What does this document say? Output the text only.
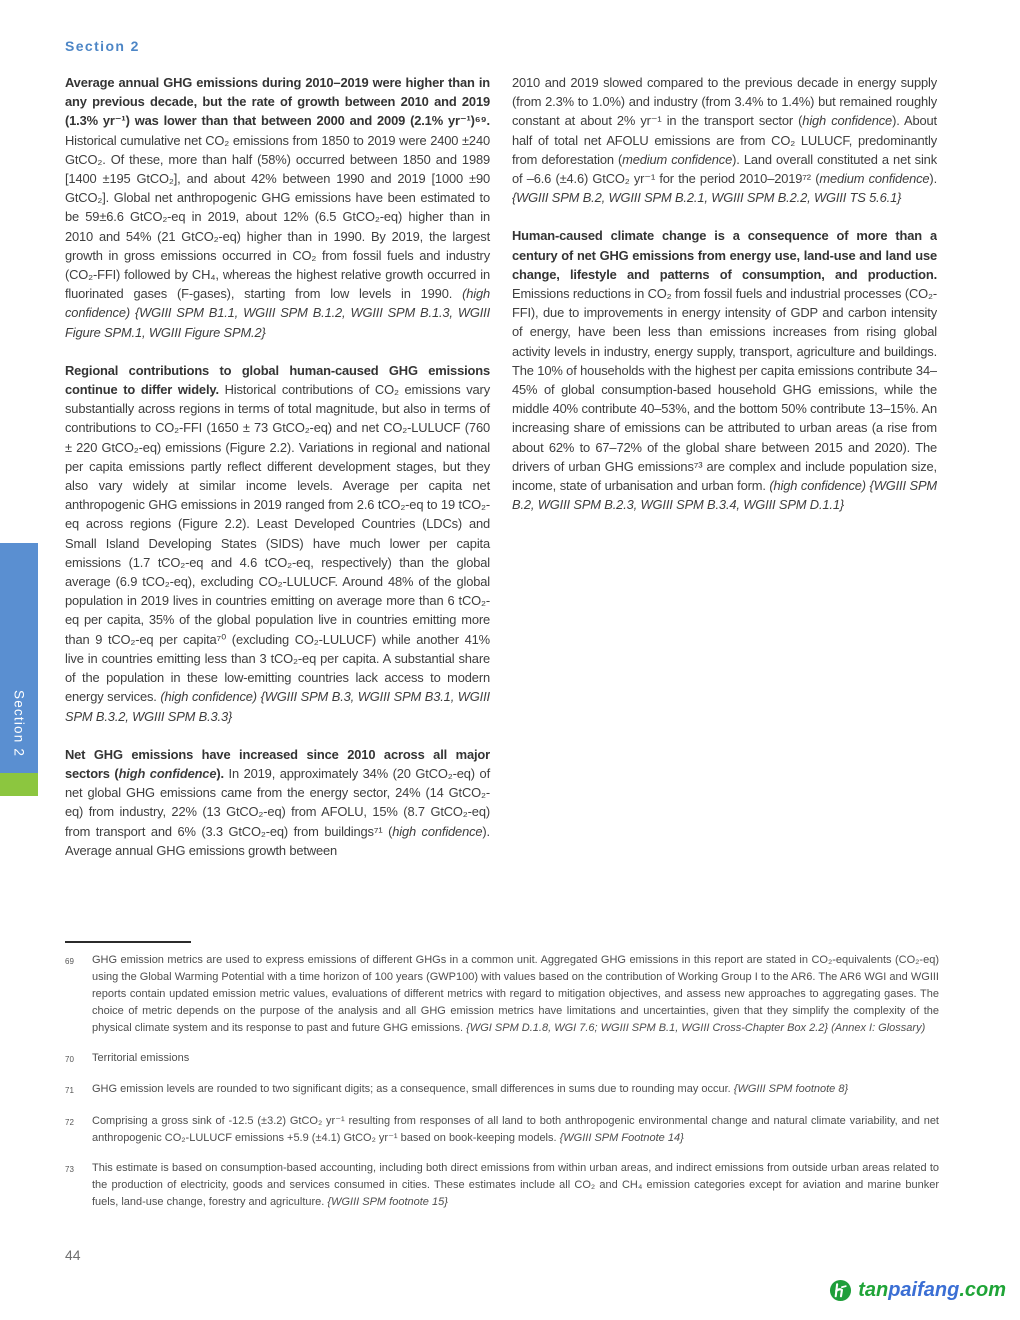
Section 2

Average annual GHG emissions during 2010–2019 were higher than in any previous decade, but the rate of growth between 2010 and 2019 (1.3% yr⁻¹) was lower than that between 2000 and 2009 (2.1% yr⁻¹)⁶⁹. Historical cumulative net CO₂ emissions from 1850 to 2019 were 2400 ±240 GtCO₂. Of these, more than half (58%) occurred between 1850 and 1989 [1400 ±195 GtCO₂], and about 42% between 1990 and 2019 [1000 ±90 GtCO₂]. Global net anthropogenic GHG emissions have been estimated to be 59±6.6 GtCO₂-eq in 2019, about 12% (6.5 GtCO₂-eq) higher than in 2010 and 54% (21 GtCO₂-eq) higher than in 1990. By 2019, the largest growth in gross emissions occurred in CO₂ from fossil fuels and industry (CO₂-FFI) followed by CH₄, whereas the highest relative growth occurred in fluorinated gases (F-gases), starting from low levels in 1990. (high confidence) {WGIII SPM B1.1, WGIII SPM B.1.2, WGIII SPM B.1.3, WGIII Figure SPM.1, WGIII Figure SPM.2}

Regional contributions to global human-caused GHG emissions continue to differ widely. Historical contributions of CO₂ emissions vary substantially across regions in terms of total magnitude, but also in terms of contributions to CO₂-FFI (1650 ± 73 GtCO₂-eq) and net CO₂-LULUCF (760 ± 220 GtCO₂-eq) emissions (Figure 2.2). Variations in regional and national per capita emissions partly reflect different development stages, but they also vary widely at similar income levels. Average per capita net anthropogenic GHG emissions in 2019 ranged from 2.6 tCO₂-eq to 19 tCO₂-eq across regions (Figure 2.2). Least Developed Countries (LDCs) and Small Island Developing States (SIDS) have much lower per capita emissions (1.7 tCO₂-eq and 4.6 tCO₂-eq, respectively) than the global average (6.9 tCO₂-eq), excluding CO₂-LULUCF. Around 48% of the global population in 2019 lives in countries emitting on average more than 6 tCO₂-eq per capita, 35% of the global population live in countries emitting more than 9 tCO₂-eq per capita⁷⁰ (excluding CO₂-LULUCF) while another 41% live in countries emitting less than 3 tCO₂-eq per capita. A substantial share of the population in these low-emitting countries lack access to modern energy services. (high confidence) {WGIII SPM B.3, WGIII SPM B3.1, WGIII SPM B.3.2, WGIII SPM B.3.3}

Net GHG emissions have increased since 2010 across all major sectors (high confidence). In 2019, approximately 34% (20 GtCO₂-eq) of net global GHG emissions came from the energy sector, 24% (14 GtCO₂-eq) from industry, 22% (13 GtCO₂-eq) from AFOLU, 15% (8.7 GtCO₂-eq) from transport and 6% (3.3 GtCO₂-eq) from buildings⁷¹ (high confidence). Average annual GHG emissions growth between

2010 and 2019 slowed compared to the previous decade in energy supply (from 2.3% to 1.0%) and industry (from 3.4% to 1.4%) but remained roughly constant at about 2% yr⁻¹ in the transport sector (high confidence). About half of total net AFOLU emissions are from CO₂ LULUCF, predominantly from deforestation (medium confidence). Land overall constituted a net sink of –6.6 (±4.6) GtCO₂ yr⁻¹ for the period 2010–2019⁷² (medium confidence). {WGIII SPM B.2, WGIII SPM B.2.1, WGIII SPM B.2.2, WGIII TS 5.6.1}

Human-caused climate change is a consequence of more than a century of net GHG emissions from energy use, land-use and land use change, lifestyle and patterns of consumption, and production. Emissions reductions in CO₂ from fossil fuels and industrial processes (CO₂-FFI), due to improvements in energy intensity of GDP and carbon intensity of energy, have been less than emissions increases from rising global activity levels in industry, energy supply, transport, agriculture and buildings. The 10% of households with the highest per capita emissions contribute 34–45% of global consumption-based household GHG emissions, while the middle 40% contribute 40–53%, and the bottom 50% contribute 13–15%. An increasing share of emissions can be attributed to urban areas (a rise from about 62% to 67–72% of the global share between 2015 and 2020). The drivers of urban GHG emissions⁷³ are complex and include population size, income, state of urbanisation and urban form. (high confidence) {WGIII SPM B.2, WGIII SPM B.2.3, WGIII SPM B.3.4, WGIII SPM D.1.1}

69	GHG emission metrics are used to express emissions of different GHGs in a common unit. Aggregated GHG emissions in this report are stated in CO₂-equivalents (CO₂-eq) using the Global Warming Potential with a time horizon of 100 years (GWP100) with values based on the contribution of Working Group I to the AR6. The AR6 WGI and WGIII reports contain updated emission metric values, evaluations of different metrics with regard to mitigation objectives, and assess new approaches to aggregating gases. The choice of metric depends on the purpose of the analysis and all GHG emission metrics have limitations and uncertainties, given that they simplify the complexity of the physical climate system and its response to past and future GHG emissions. {WGI SPM D.1.8, WGI 7.6; WGIII SPM B.1, WGIII Cross-Chapter Box 2.2} (Annex I: Glossary)
70	Territorial emissions
71	GHG emission levels are rounded to two significant digits; as a consequence, small differences in sums due to rounding may occur. {WGIII SPM footnote 8}
72	Comprising a gross sink of -12.5 (±3.2) GtCO₂ yr⁻¹ resulting from responses of all land to both anthropogenic environmental change and natural climate variability, and net anthropogenic CO₂-LULUCF emissions +5.9 (±4.1) GtCO₂ yr⁻¹ based on book-keeping models. {WGIII SPM Footnote 14}
73	This estimate is based on consumption-based accounting, including both direct emissions from within urban areas, and indirect emissions from outside urban areas related to the production of electricity, goods and services consumed in cities. These estimates include all CO₂ and CH₄ emission categories except for aviation and marine bunker fuels, land-use change, forestry and agriculture. {WGIII SPM footnote 15}
44
Section 2
tanpaifang.com
